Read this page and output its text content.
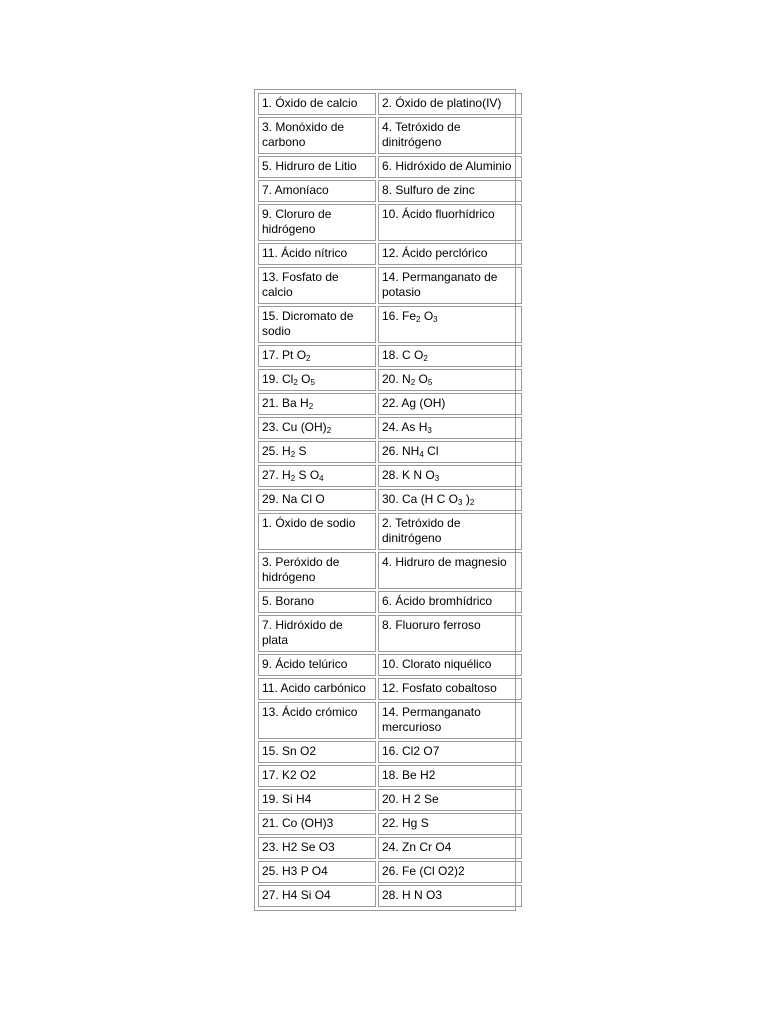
1. Óxido de calcio	2. Óxido de platino(IV)
3. Monóxido de carbono	4. Tetróxido de dinitrógeno
5. Hidruro de Litio	6. Hidróxido de Aluminio
7. Amoníaco	8. Sulfuro de zinc
9. Cloruro de hidrógeno	10. Ácido fluorhídrico
11. Ácido nítrico	12. Ácido perclórico
13. Fosfato de calcio	14. Permanganato de potasio
15. Dicromato de sodio	16. $Fe_2$ $O_3$
17. Pt $O_2$	18. C $O_2$
19. $Cl_2$ $O_5$	20. $N_2$ $O_5$
21. Ba $H_2$	22. Ag (OH)
23. Cu $(OH)_2$	24. As $H_3$
25. $H_2$ S	26. $NH_4$ Cl
27. $H_2$ S $O_4$	28. K N $O_3$
29. Na Cl O	30. Ca (H C $O_3$ )$_2$
1. Óxido de sodio	2. Tetróxido de dinitrógeno
3. Peróxido de hidrógeno	4. Hidruro de magnesio
5. Borano	6. Ácido bromhídrico
7. Hidróxido de plata	8. Fluoruro ferroso
9. Ácido telúrico	10. Clorato niquélico
11. Acido carbónico	12. Fosfato cobaltoso
13. Ácido crómico	14. Permanganato mercurioso
15. Sn O2	16. Cl2 O7
17. K2 O2	18. Be H2
19. Si H4	20. H 2 Se
21. Co (OH)3	22. Hg S
23. H2 Se O3	24. Zn Cr O4
25. H3 P O4	26. Fe (Cl O2)2
27. H4 Si O4	28. H N O3
